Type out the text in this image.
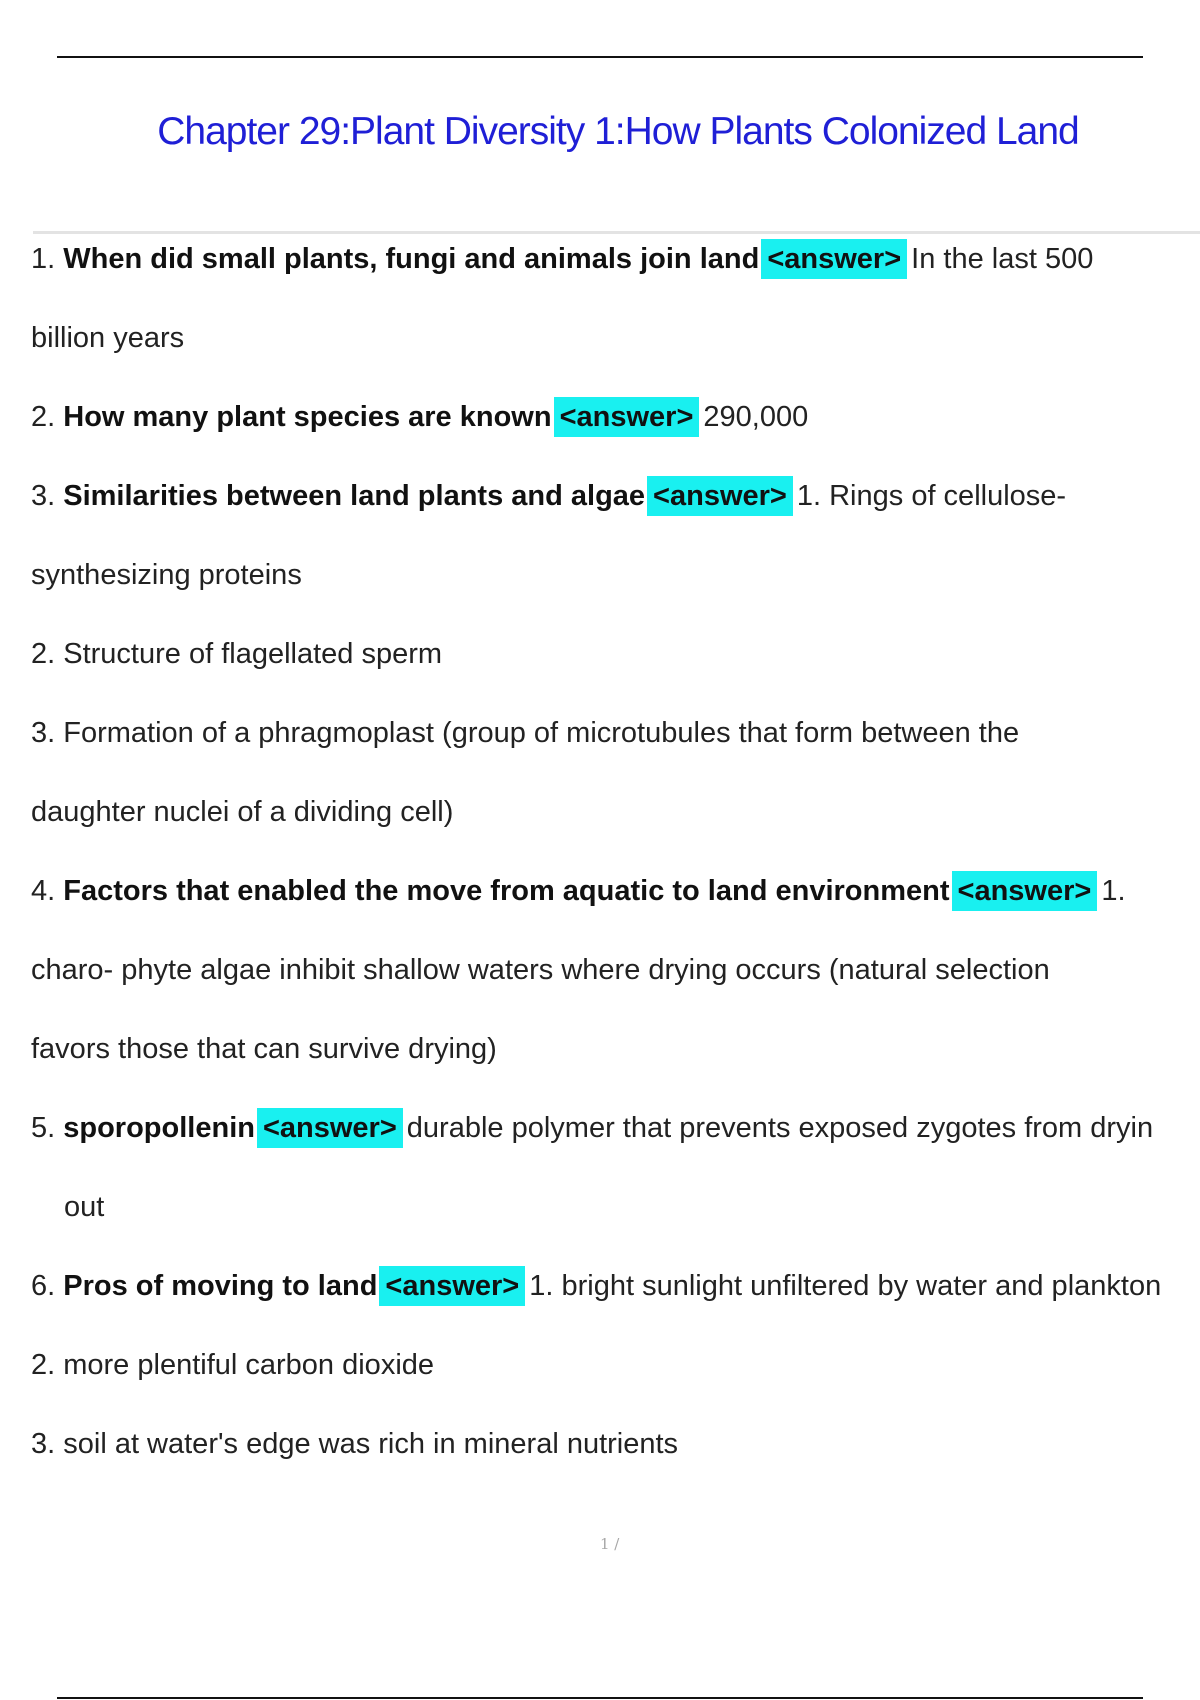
Chapter 29:Plant Diversity 1:How Plants Colonized Land

1. When did small plants, fungi and animals join land <answer> In the last 500

billion years

2. How many plant species are known <answer> 290,000

3. Similarities between land plants and algae <answer> 1. Rings of cellulose-

synthesizing proteins

2. Structure of flagellated sperm

3. Formation of a phragmoplast (group of microtubules that form between the

daughter nuclei of a dividing cell)

4. Factors that enabled the move from aquatic to land environment <answer> 1.

charo- phyte algae inhibit shallow waters where drying occurs (natural selection

favors those that can survive drying)

5. sporopollenin <answer> durable polymer that prevents exposed zygotes from dryin

out

6. Pros of moving to land <answer> 1. bright sunlight unfiltered by water and plankton

2. more plentiful carbon dioxide

3. soil at water's edge was rich in mineral nutrients

1 /
